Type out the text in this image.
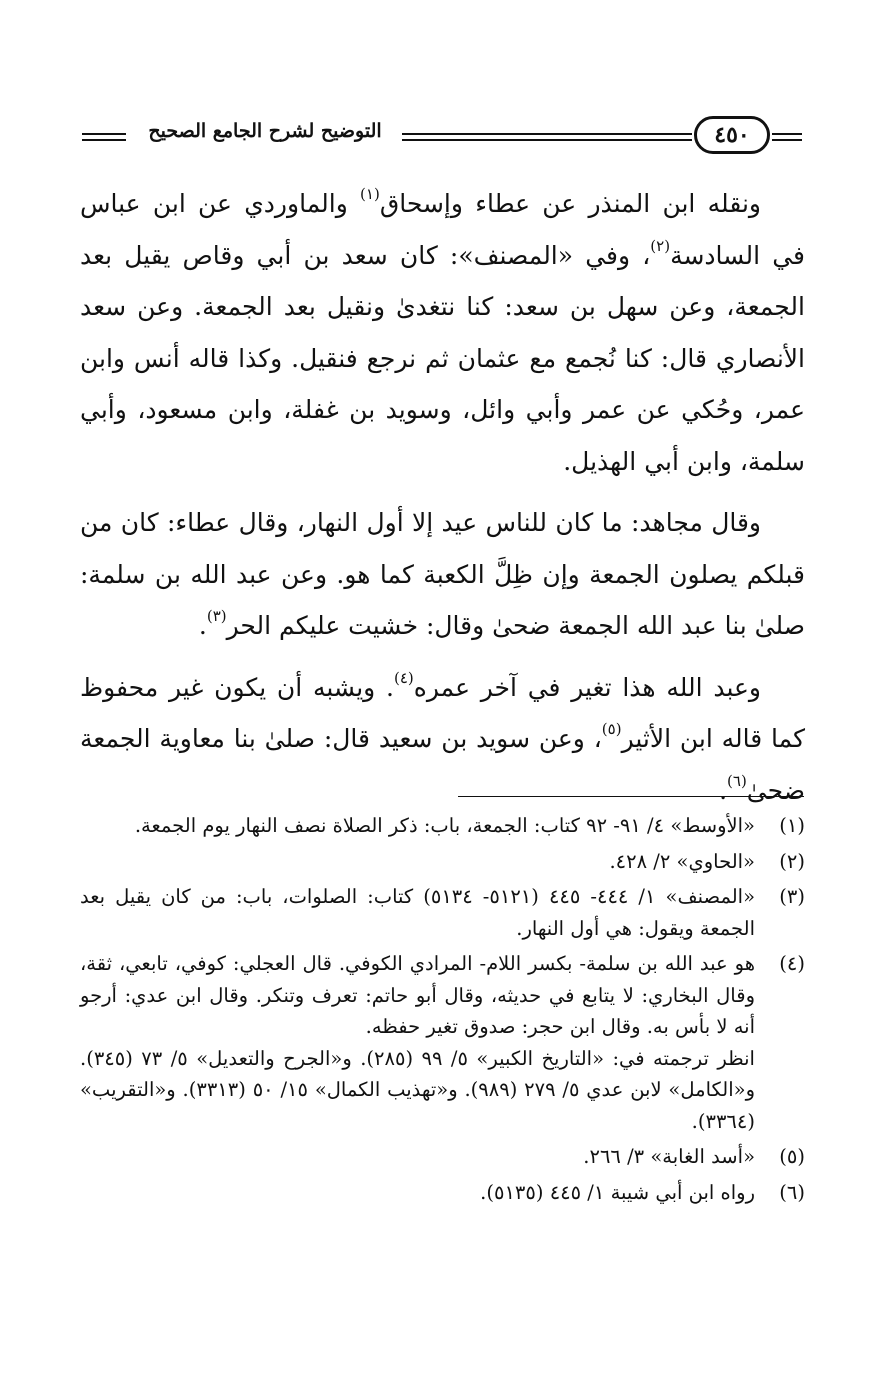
التوضيح لشرح الجامع الصحيح	٤٥٠

ونقله ابن المنذر عن عطاء وإسحاق$^{(١)}$ والماوردي عن ابن عباس في السادسة$^{(٢)}$، وفي «المصنف»: كان سعد بن أبي وقاص يقيل بعد الجمعة، وعن سهل بن سعد: كنا نتغدىٰ ونقيل بعد الجمعة. وعن سعد الأنصاري قال: كنا نُجمع مع عثمان ثم نرجع فنقيل. وكذا قاله أنس وابن عمر، وحُكي عن عمر وأبي وائل، وسويد بن غفلة، وابن مسعود، وأبي سلمة، وابن أبي الهذيل.

وقال مجاهد: ما كان للناس عيد إلا أول النهار، وقال عطاء: كان من قبلكم يصلون الجمعة وإن ظِلَّ الكعبة كما هو. وعن عبد الله بن سلمة: صلىٰ بنا عبد الله الجمعة ضحىٰ وقال: خشيت عليكم الحر$^{(٣)}$.

وعبد الله هذا تغير في آخر عمره$^{(٤)}$. ويشبه أن يكون غير محفوظ كما قاله ابن الأثير$^{(٥)}$، وعن سويد بن سعيد قال: صلىٰ بنا معاوية الجمعة ضحىٰ$^{(٦)}$.

(١)

«الأوسط» ٤/ ٩١- ٩٢ كتاب: الجمعة، باب: ذكر الصلاة نصف النهار يوم الجمعة.

(٢)

«الحاوي» ٢/ ٤٢٨.

(٣)

«المصنف» ١/ ٤٤٤- ٤٤٥ (٥١٢١- ٥١٣٤) كتاب: الصلوات، باب: من كان يقيل بعد الجمعة ويقول: هي أول النهار.

(٤)

هو عبد الله بن سلمة- بكسر اللام- المرادي الكوفي. قال العجلي: كوفي، تابعي، ثقة، وقال البخاري: لا يتابع في حديثه، وقال أبو حاتم: تعرف وتنكر. وقال ابن عدي: أرجو أنه لا بأس به. وقال ابن حجر: صدوق تغير حفظه.

انظر ترجمته في: «التاريخ الكبير» ٥/ ٩٩ (٢٨٥). و«الجرح والتعديل» ٥/ ٧٣ (٣٤٥). و«الكامل» لابن عدي ٥/ ٢٧٩ (٩٨٩). و«تهذيب الكمال» ١٥/ ٥٠ (٣٣١٣). و«التقريب» (٣٣٦٤).

(٥)

«أسد الغابة» ٣/ ٢٦٦.

(٦)

رواه ابن أبي شيبة ١/ ٤٤٥ (٥١٣٥).
